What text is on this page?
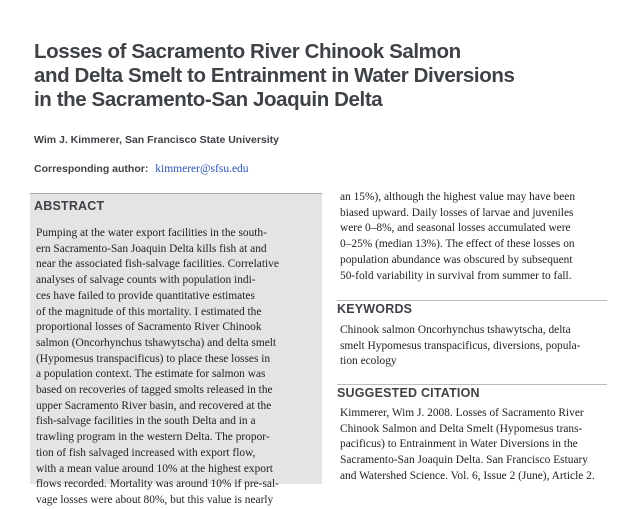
Losses of Sacramento River Chinook Salmon
and Delta Smelt to Entrainment in Water Diversions
in the Sacramento-San Joaquin Delta
Wim J. Kimmerer, San Francisco State University
Corresponding author: kimmerer@sfsu.edu
ABSTRACT
Pumping at the water export facilities in the south-
ern Sacramento-San Joaquin Delta kills fish at and
near the associated fish-salvage facilities. Correlative
analyses of salvage counts with population indi-
ces have failed to provide quantitative estimates
of the magnitude of this mortality. I estimated the
proportional losses of Sacramento River Chinook
salmon (Oncorhynchus tshawytscha) and delta smelt
(Hypomesus transpacificus) to place these losses in
a population context. The estimate for salmon was
based on recoveries of tagged smolts released in the
upper Sacramento River basin, and recovered at the
fish-salvage facilities in the south Delta and in a
trawling program in the western Delta. The propor-
tion of fish salvaged increased with export flow,
with a mean value around 10% at the highest export
flows recorded. Mortality was around 10% if pre-sal-
vage losses were about 80%, but this value is nearly
an 15%), although the highest value may have been
biased upward. Daily losses of larvae and juveniles
were 0–8%, and seasonal losses accumulated were
0–25% (median 13%). The effect of these losses on
population abundance was obscured by subsequent
50-fold variability in survival from summer to fall.
KEYWORDS
Chinook salmon Oncorhynchus tshawytscha, delta
smelt Hypomesus transpacificus, diversions, popula-
tion ecology
SUGGESTED CITATION
Kimmerer, Wim J. 2008. Losses of Sacramento River
Chinook Salmon and Delta Smelt (Hypomesus trans-
pacificus) to Entrainment in Water Diversions in the
Sacramento-San Joaquin Delta. San Francisco Estuary
and Watershed Science. Vol. 6, Issue 2 (June), Article 2.
